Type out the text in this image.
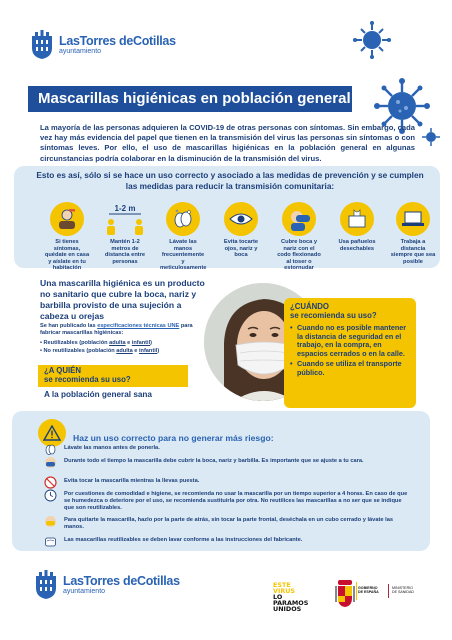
LasTorres deCotillas
ayuntamiento
Mascarillas higiénicas en población general

La mayoría de las personas adquieren la COVID-19 de otras personas con síntomas. Sin embargo, cada vez hay más evidencia del papel que tienen en la transmisión del virus las personas sin síntomas o con síntomas leves. Por ello, el uso de mascarillas higiénicas en la población general en algunas circunstancias podría colaborar en la disminución de la transmisión del virus.

Esto es así, sólo si se hace un uso correcto y asociado a las medidas de prevención y se cumplen las medidas para reducir la transmisión comunitaria:
Si tienes síntomas, quédate en casa y aíslate en tu habitación
1-2 m
Mantén 1-2 metros de distancia entre personas
Lávate las manos frecuentemente y meticulosamente
Evita tocarte ojos, nariz y boca
Cubre boca y nariz con el codo flexionado al toser o estornudar
Usa pañuelos desechables
Trabaja a distancia siempre que sea posible

Una mascarilla higiénica es un producto no sanitario que cubre la boca, nariz y barbilla provisto de una sujeción a cabeza u orejas

Se han publicado las especificaciones técnicas UNE para fabricar mascarillas higiénicas:

• Reutilizables (población adulta e infantil)
• No reutilizables (población adulta e infantil)
¿A QUIÉN
se recomienda su uso?
A la población general sana
¿CUÁNDO
se recomienda su uso?
• Cuando no es posible mantener la distancia de seguridad en el trabajo, en la compra, en espacios cerrados o en la calle.
• Cuando se utiliza el transporte público.
Haz un uso correcto para no generar más riesgo:
Lávate las manos antes de ponerla.
Durante todo el tiempo la mascarilla debe cubrir la boca, nariz y barbilla. Es importante que se ajuste a tu cara.
Evita tocar la mascarilla mientras la llevas puesta.
Por cuestiones de comodidad e higiene, se recomienda no usar la mascarilla por un tiempo superior a 4 horas. En caso de que se humedezca o deteriore por el uso, se recomienda sustituirla por otra. No reutilices las mascarillas a no ser que se indique que son reutilizables.
Para quitarte la mascarilla, hazlo por la parte de atrás, sin tocar la parte frontal, deséchala en un cubo cerrado y lávate las manos.
Las mascarillas reutilizables se deben lavar conforme a las instrucciones del fabricante.
LasTorres deCotillas
ayuntamiento
ESTE
VIRUS
LO
PARAMOS
UNIDOS
GOBIERNO
DE ESPAÑA
MINISTERIO
DE SANIDAD
